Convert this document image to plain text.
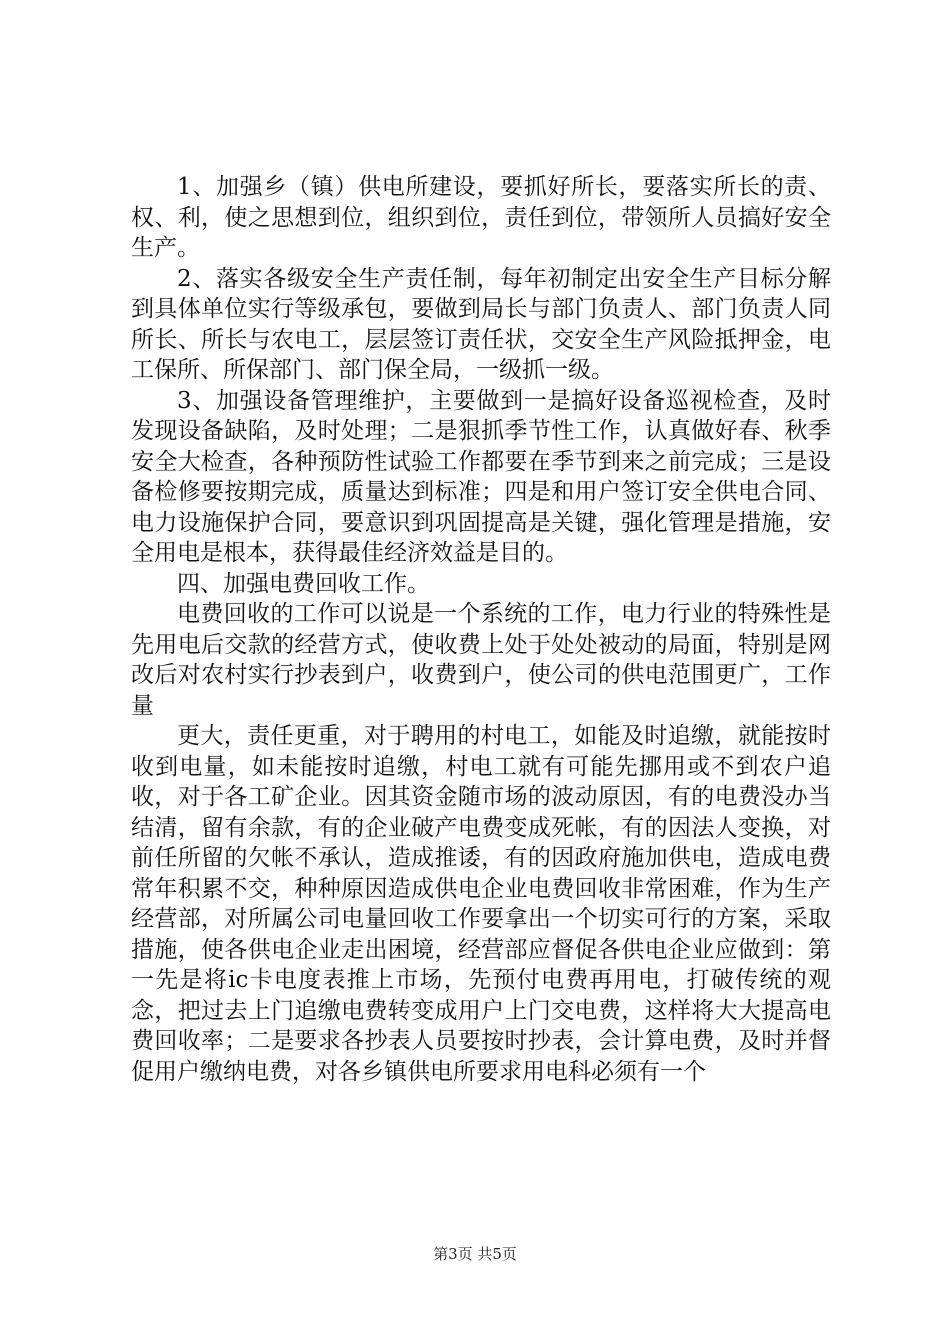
1、加强乡（镇）供电所建设，要抓好所长，要落实所长的责、权、利，使之思想到位，组织到位，责任到位，带领所人员搞好安全生产。

2、落实各级安全生产责任制，每年初制定出安全生产目标分解到具体单位实行等级承包，要做到局长与部门负责人、部门负责人同所长、所长与农电工，层层签订责任状，交安全生产风险抵押金，电工保所、所保部门、部门保全局，一级抓一级。

3、加强设备管理维护，主要做到一是搞好设备巡视检查，及时发现设备缺陷，及时处理；二是狠抓季节性工作，认真做好春、秋季安全大检查，各种预防性试验工作都要在季节到来之前完成；三是设备检修要按期完成，质量达到标准；四是和用户签订安全供电合同、电力设施保护合同，要意识到巩固提高是关键，强化管理是措施，安全用电是根本，获得最佳经济效益是目的。

四、加强电费回收工作。

电费回收的工作可以说是一个系统的工作，电力行业的特殊性是先用电后交款的经营方式，使收费上处于处处被动的局面，特别是网改后对农村实行抄表到户，收费到户，使公司的供电范围更广，工作量

更大，责任更重，对于聘用的村电工，如能及时追缴，就能按时收到电量，如未能按时追缴，村电工就有可能先挪用或不到农户追收，对于各工矿企业。因其资金随市场的波动原因，有的电费没办当结清，留有余款，有的企业破产电费变成死帐，有的因法人变换，对前任所留的欠帐不承认，造成推诿，有的因政府施加供电，造成电费常年积累不交，种种原因造成供电企业电费回收非常困难，作为生产经营部，对所属公司电量回收工作要拿出一个切实可行的方案，采取措施，使各供电企业走出困境，经营部应督促各供电企业应做到：第一先是将ic卡电度表推上市场，先预付电费再用电，打破传统的观念，把过去上门追缴电费转变成用户上门交电费，这样将大大提高电费回收率；二是要求各抄表人员要按时抄表，会计算电费，及时并督促用户缴纳电费，对各乡镇供电所要求用电科必须有一个

第3页 共5页
